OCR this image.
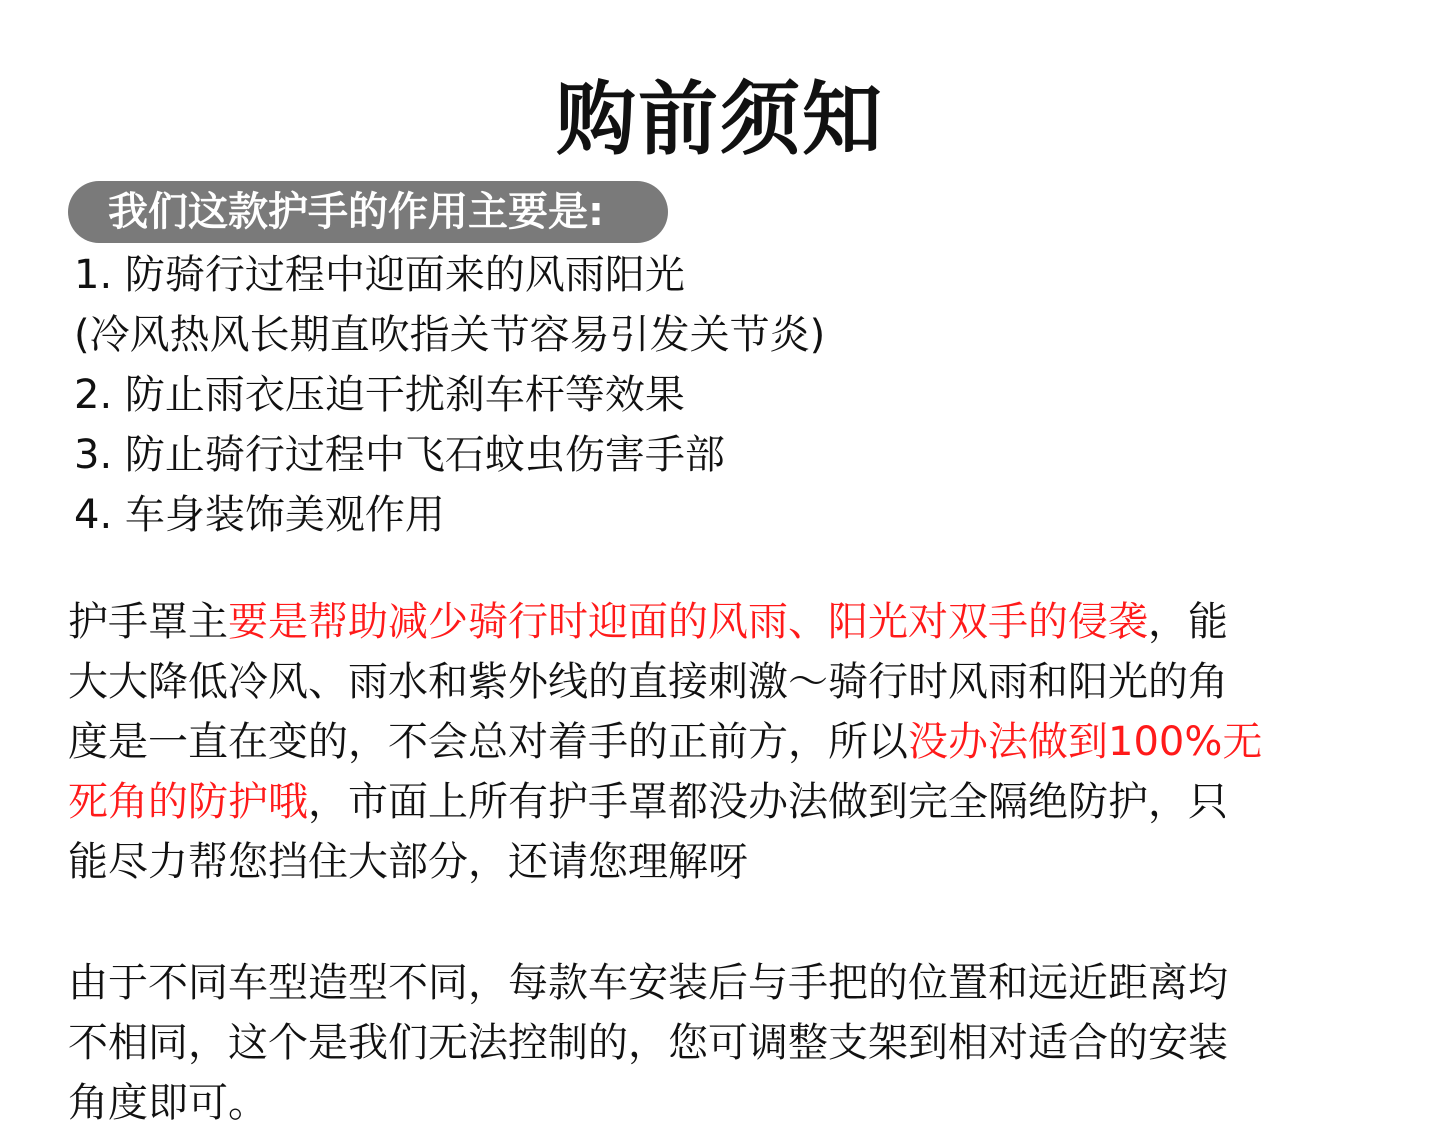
购前须知
我们这款护手的作用主要是:
1. 防骑行过程中迎面来的风雨阳光
(冷风热风长期直吹指关节容易引发关节炎)
2. 防止雨衣压迫干扰刹车杆等效果
3. 防止骑行过程中飞石蚊虫伤害手部
4. 车身装饰美观作用
护手罩主要是帮助减少骑行时迎面的风雨、阳光对双手的侵袭，能
大大降低冷风、雨水和紫外线的直接刺激～骑行时风雨和阳光的角
度是一直在变的，不会总对着手的正前方，所以没办法做到100%无
死角的防护哦，市面上所有护手罩都没办法做到完全隔绝防护，只
能尽力帮您挡住大部分，还请您理解呀
由于不同车型造型不同，每款车安装后与手把的位置和远近距离均
不相同，这个是我们无法控制的，您可调整支架到相对适合的安装
角度即可。
